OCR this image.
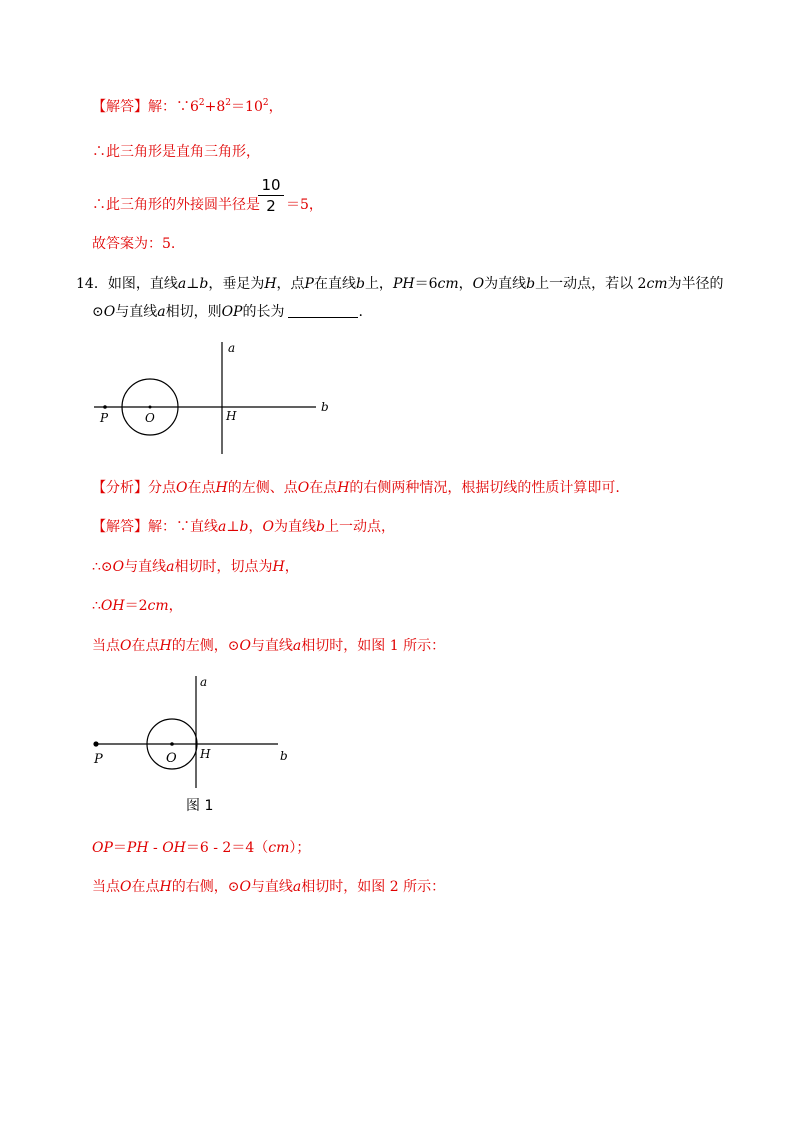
【解答】解：$\because 6^2+8^2=10^2$，
∴此三角形是直角三角形，
∴此三角形的外接圆半径是
10
2 ＝5，
故答案为：5.
14．如图，直线a⊥b，垂足为H，点P在直线b上，PH＝6cm，O为直线b上一动点，若以 2cm为半径的
⊙O与直线a相切，则OP的长为	.
a
b
P	O	H
【分析】分点O在点H的左侧、点O在点H的右侧两种情况，根据切线的性质计算即可.
【解答】解：∵直线a⊥b，O为直线b上一动点，
∴⊙O与直线a相切时，切点为H，
∴OH＝2cm，
当点O在点H的左侧，⊙O与直线a相切时，如图 1 所示：
a
b
P	O H
图 1
OP＝PH - OH＝6 - 2＝4（cm）；
当点O在点H的右侧，⊙O与直线a相切时，如图 2 所示：
